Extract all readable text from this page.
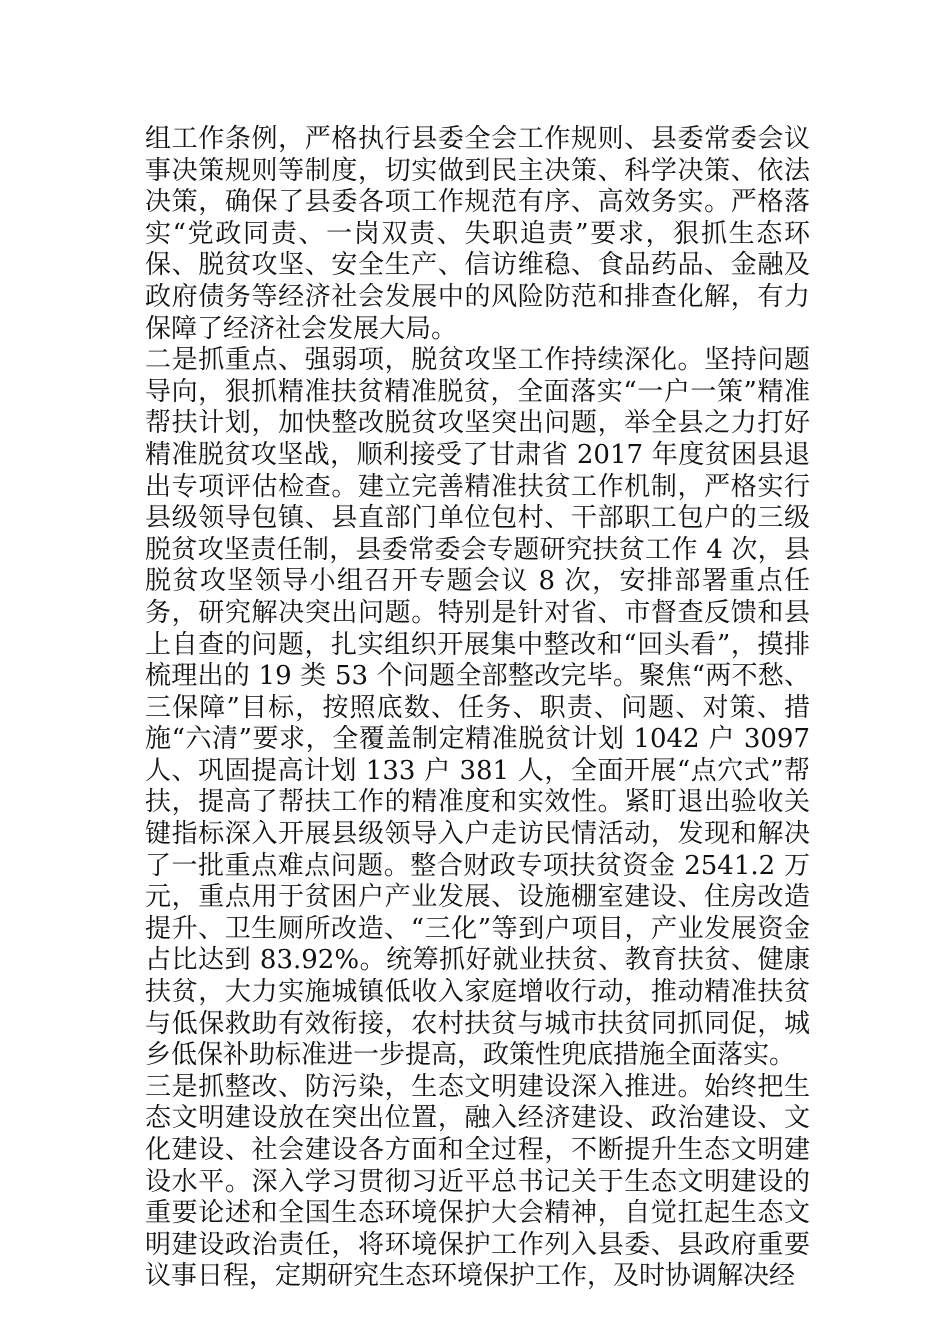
组工作条例，严格执行县委全会工作规则、县委常委会议事决策规则等制度，切实做到民主决策、科学决策、依法决策，确保了县委各项工作规范有序、高效务实。严格落实“党政同责、一岗双责、失职追责”要求，狠抓生态环保、脱贫攻坚、安全生产、信访维稳、食品药品、金融及政府债务等经济社会发展中的风险防范和排查化解，有力保障了经济社会发展大局。

二是抓重点、强弱项，脱贫攻坚工作持续深化。坚持问题导向，狠抓精准扶贫精准脱贫，全面落实“一户一策”精准帮扶计划，加快整改脱贫攻坚突出问题，举全县之力打好精准脱贫攻坚战，顺利接受了甘肃省 2017 年度贫困县退出专项评估检查。建立完善精准扶贫工作机制，严格实行县级领导包镇、县直部门单位包村、干部职工包户的三级脱贫攻坚责任制，县委常委会专题研究扶贫工作 4 次，县脱贫攻坚领导小组召开专题会议 8 次，安排部署重点任务，研究解决突出问题。特别是针对省、市督查反馈和县上自查的问题，扎实组织开展集中整改和“回头看”，摸排梳理出的 19 类 53 个问题全部整改完毕。聚焦“两不愁、三保障”目标，按照底数、任务、职责、问题、对策、措施“六清”要求，全覆盖制定精准脱贫计划 1042 户 3097 人、巩固提高计划 133 户 381 人，全面开展“点穴式”帮扶，提高了帮扶工作的精准度和实效性。紧盯退出验收关键指标深入开展县级领导入户走访民情活动，发现和解决了一批重点难点问题。整合财政专项扶贫资金 2541.2 万元，重点用于贫困户产业发展、设施棚室建设、住房改造提升、卫生厕所改造、“三化”等到户项目，产业发展资金占比达到 83.92%。统筹抓好就业扶贫、教育扶贫、健康扶贫，大力实施城镇低收入家庭增收行动，推动精准扶贫与低保救助有效衔接，农村扶贫与城市扶贫同抓同促，城乡低保补助标准进一步提高，政策性兜底措施全面落实。

三是抓整改、防污染，生态文明建设深入推进。始终把生态文明建设放在突出位置，融入经济建设、政治建设、文化建设、社会建设各方面和全过程，不断提升生态文明建设水平。深入学习贯彻习近平总书记关于生态文明建设的重要论述和全国生态环境保护大会精神，自觉扛起生态文明建设政治责任，将环境保护工作列入县委、县政府重要议事日程，定期研究生态环境保护工作，及时协调解决经
